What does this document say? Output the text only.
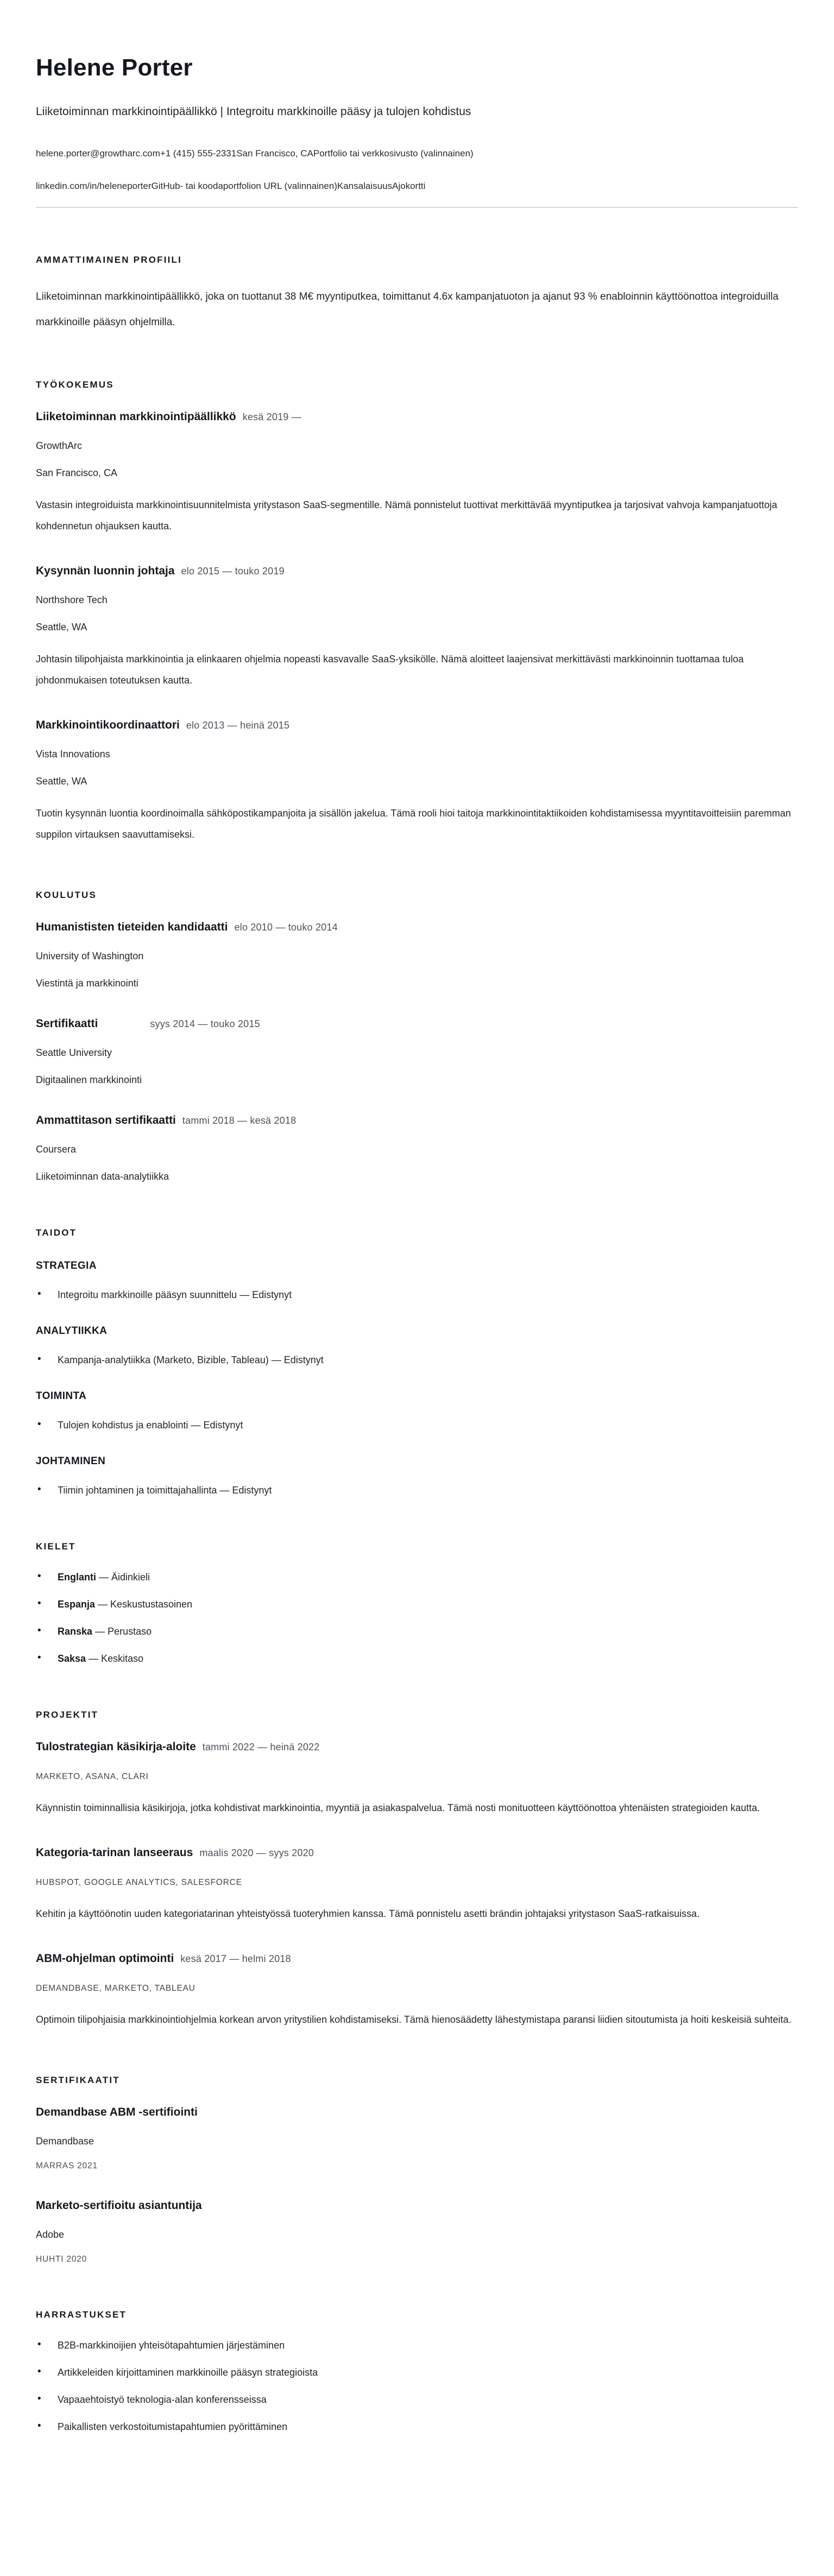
Helene Porter
Liiketoiminnan markkinointipäällikkö | Integroitu markkinoille pääsy ja tulojen kohdistus
helene.porter@growtharc.com+1 (415) 555-2331San Francisco, CAPortfolio tai verkkosivusto (valinnainen)
linkedin.com/in/heleneporterGitHub- tai koodaportfolion URL (valinnainen)KansalaisuusAjokortti
AMMATTIMAINEN PROFIILI

Liiketoiminnan markkinointipäällikkö, joka on tuottanut 38 M€ myyntiputkea, toimittanut 4.6x kampanjatuoton ja ajanut 93 % enabloinnin käyttöönottoa integroiduilla markkinoille pääsyn ohjelmilla.

TYÖKOKEMUS
Liiketoiminnan markkinointipäällikkö kesä 2019 —
GrowthArc
San Francisco, CA

Vastasin integroiduista markkinointisuunnitelmista yritystason SaaS-segmentille. Nämä ponnistelut tuottivat merkittävää myyntiputkea ja tarjosivat vahvoja kampanjatuottoja kohdennetun ohjauksen kautta.

Kysynnän luonnin johtaja elo 2015 — touko 2019
Northshore Tech
Seattle, WA

Johtasin tilipohjaista markkinointia ja elinkaaren ohjelmia nopeasti kasvavalle SaaS-yksikölle. Nämä aloitteet laajensivat merkittävästi markkinoinnin tuottamaa tuloa johdonmukaisen toteutuksen kautta.

Markkinointikoordinaattori elo 2013 — heinä 2015
Vista Innovations
Seattle, WA

Tuotin kysynnän luontia koordinoimalla sähköpostikampanjoita ja sisällön jakelua. Tämä rooli hioi taitoja markkinointitaktiikoiden kohdistamisessa myyntitavoitteisiin paremman suppilon virtauksen saavuttamiseksi.

KOULUTUS
Humanististen tieteiden kandidaatti elo 2010 — touko 2014
University of Washington
Viestintä ja markkinointi
Sertifikaatti	syys 2014 — touko 2015
Seattle University
Digitaalinen markkinointi
Ammattitason sertifikaatti tammi 2018 — kesä 2018
Coursera
Liiketoiminnan data-analytiikka
TAIDOT
STRATEGIA
• Integroitu markkinoille pääsyn suunnittelu — Edistynyt
ANALYTIIKKA
• Kampanja-analytiikka (Marketo, Bizible, Tableau) — Edistynyt
TOIMINTA
• Tulojen kohdistus ja enablointi — Edistynyt
JOHTAMINEN
• Tiimin johtaminen ja toimittajahallinta — Edistynyt
KIELET
• Englanti — Äidinkieli
• Espanja — Keskustustasoinen
• Ranska — Perustaso
• Saksa — Keskitaso
PROJEKTIT
Tulostrategian käsikirja-aloite tammi 2022 — heinä 2022
MARKETO, ASANA, CLARI

Käynnistin toiminnallisia käsikirjoja, jotka kohdistivat markkinointia, myyntiä ja asiakaspalvelua. Tämä nosti monituotteen käyttöönottoa yhtenäisten strategioiden kautta.

Kategoria-tarinan lanseeraus maalis 2020 — syys 2020
HUBSPOT, GOOGLE ANALYTICS, SALESFORCE

Kehitin ja käyttöönotin uuden kategoriatarinan yhteistyössä tuoteryhmien kanssa. Tämä ponnistelu asetti brändin johtajaksi yritystason SaaS-ratkaisuissa.

ABM-ohjelman optimointi kesä 2017 — helmi 2018
DEMANDBASE, MARKETO, TABLEAU

Optimoin tilipohjaisia markkinointiohjelmia korkean arvon yritystilien kohdistamiseksi. Tämä hienosäädetty lähestymistapa paransi liidien sitoutumista ja hoiti keskeisiä suhteita.

SERTIFIKAATIT
Demandbase ABM -sertifiointi
Demandbase
MARRAS 2021
Marketo-sertifioitu asiantuntija
Adobe
HUHTI 2020
HARRASTUKSET
• B2B-markkinoijien yhteisötapahtumien järjestäminen
• Artikkeleiden kirjoittaminen markkinoille pääsyn strategioista
• Vapaaehtoistyö teknologia-alan konferensseissa
• Paikallisten verkostoitumistapahtumien pyörittäminen
